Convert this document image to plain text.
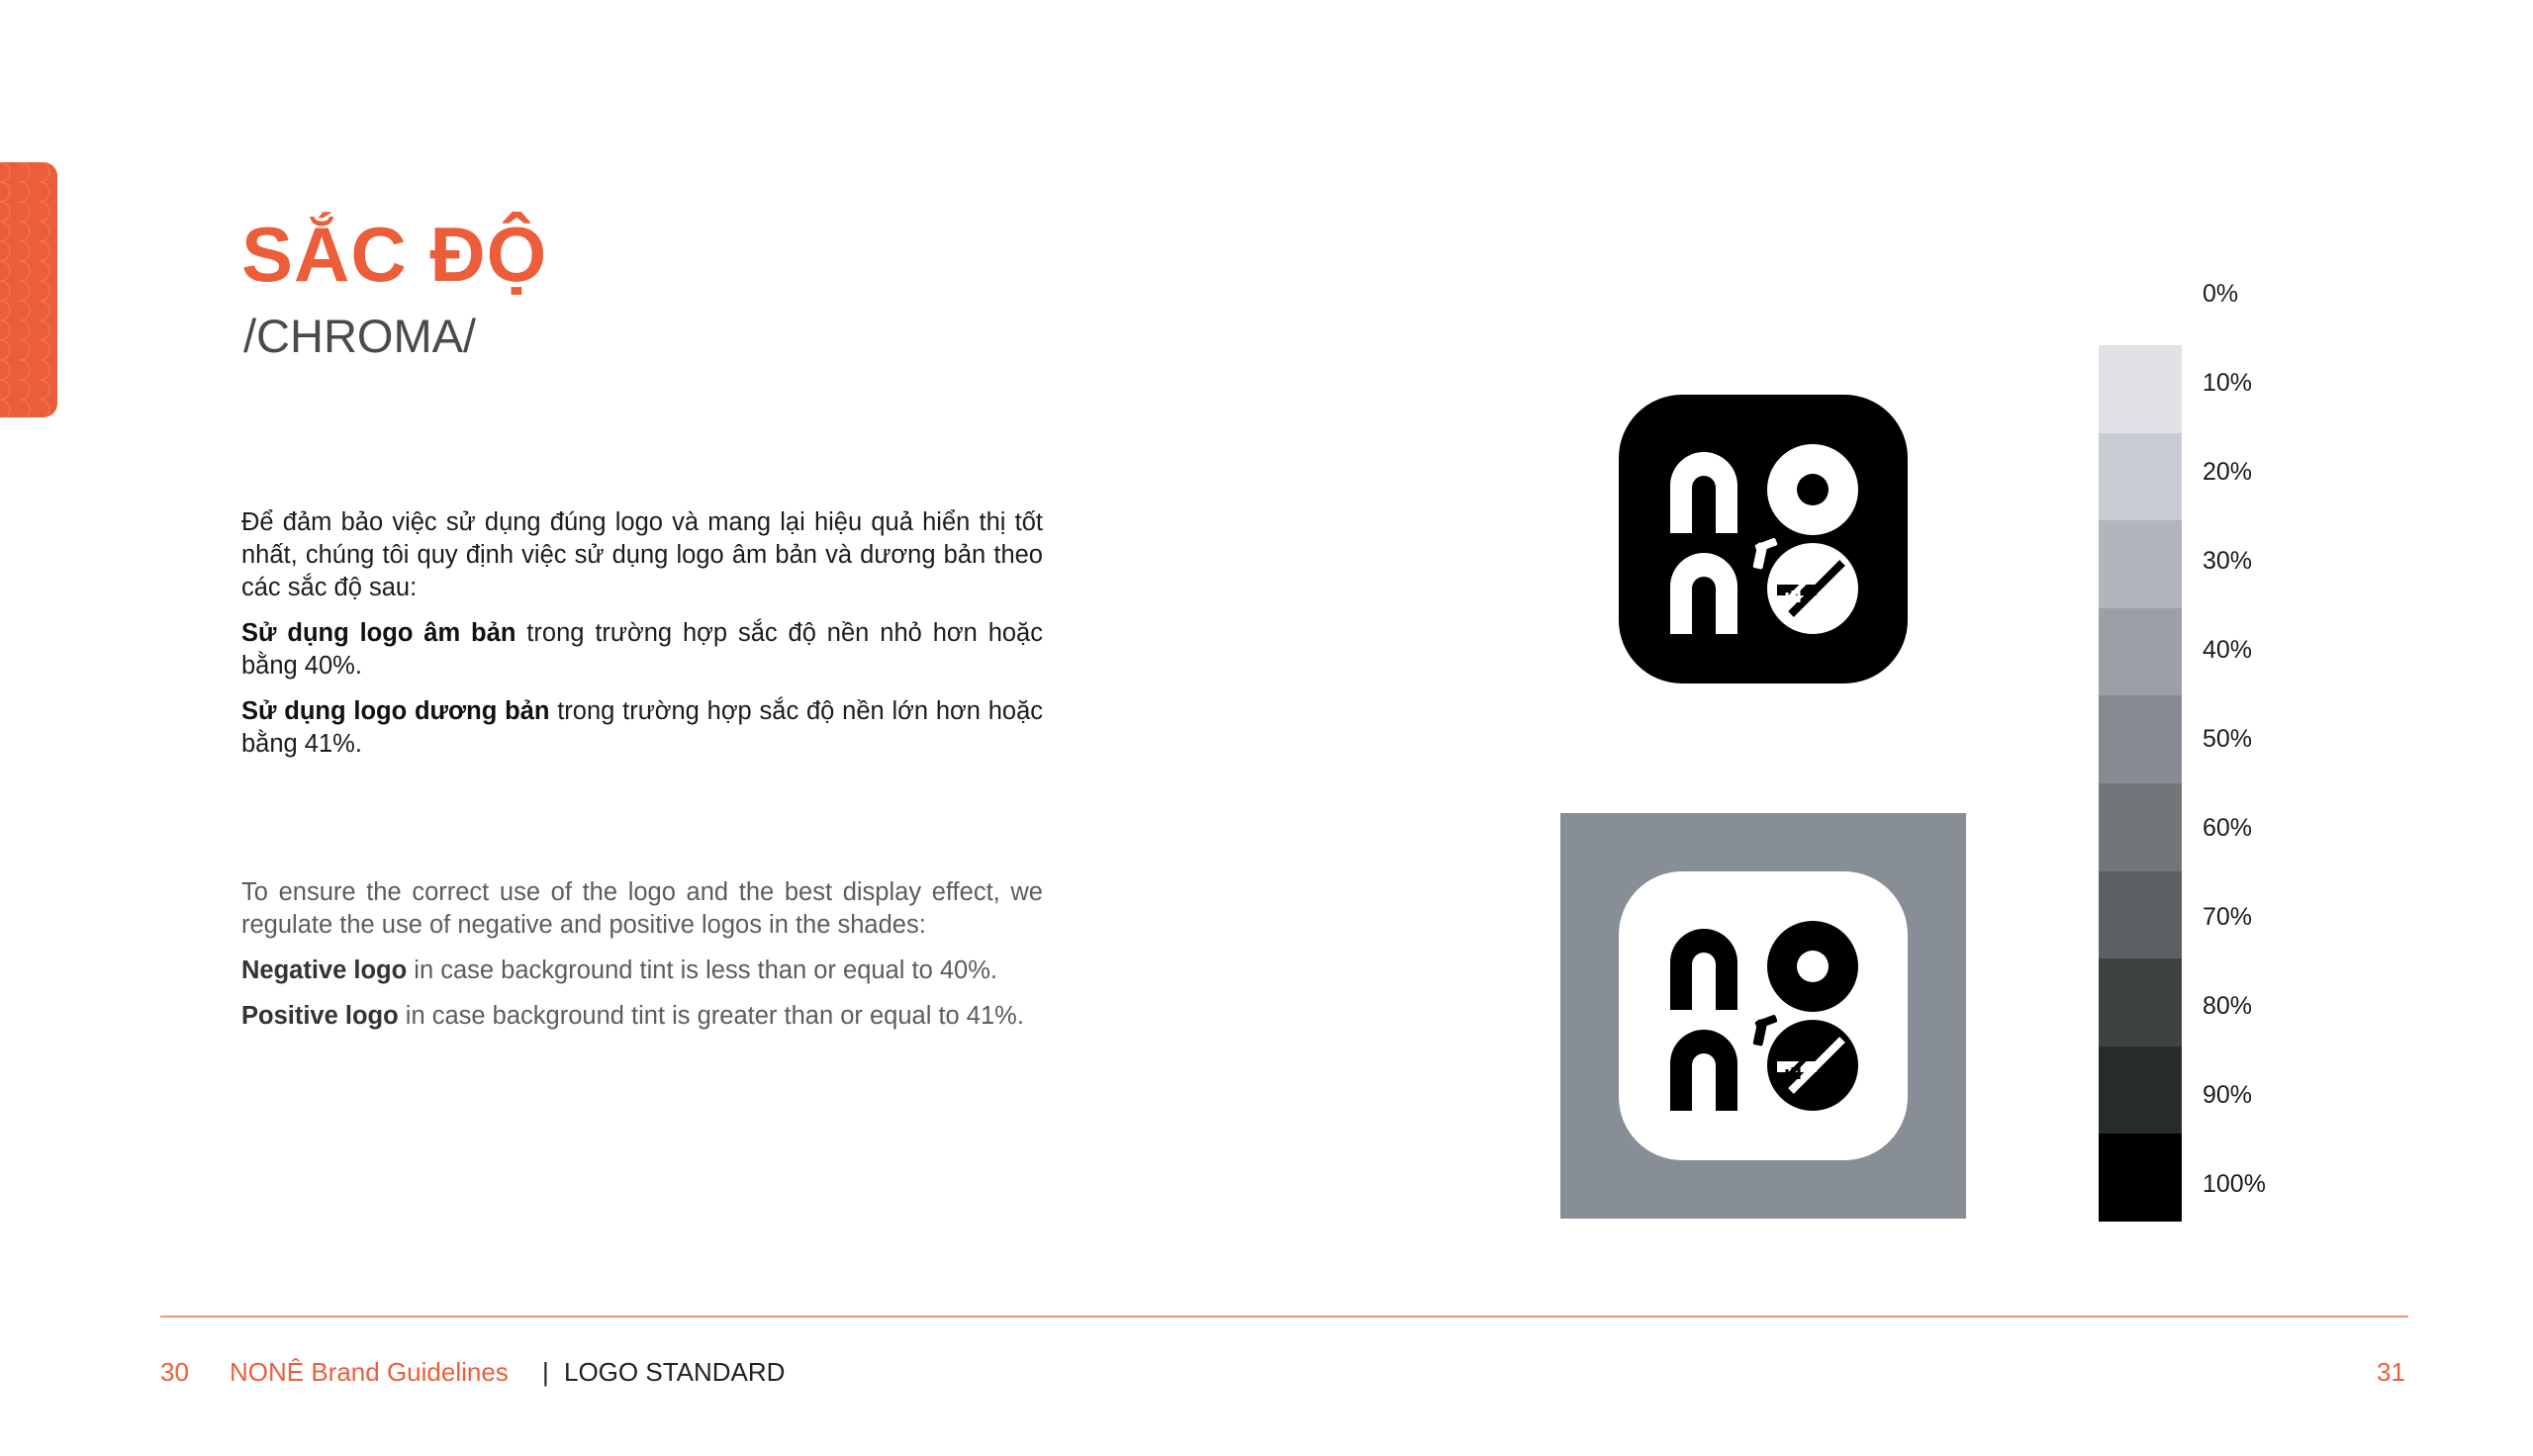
SẮC ĐỘ
/CHROMA/

Để đảm bảo việc sử dụng đúng logo và mang lại hiệu quả hiển thị tốt nhất, chúng tôi quy định việc sử dụng logo âm bản và dương bản theo các sắc độ sau:

Sử dụng logo âm bản trong trường hợp sắc độ nền nhỏ hơn hoặc bằng 40%.

Sử dụng logo dương bản trong trường hợp sắc độ nền lớn hơn hoặc bằng 41%.

To ensure the correct use of the logo and the best display effect, we regulate the use of negative and positive logos in the shades:

Negative logo in case background tint is less than or equal to 40%.

Positive logo in case background tint is greater than or equal to 41%.

0%
10%
20%
30%
40%
50%
60%
70%
80%
90%
100%
30 NONÊ Brand Guidelines | LOGO STANDARD	31
